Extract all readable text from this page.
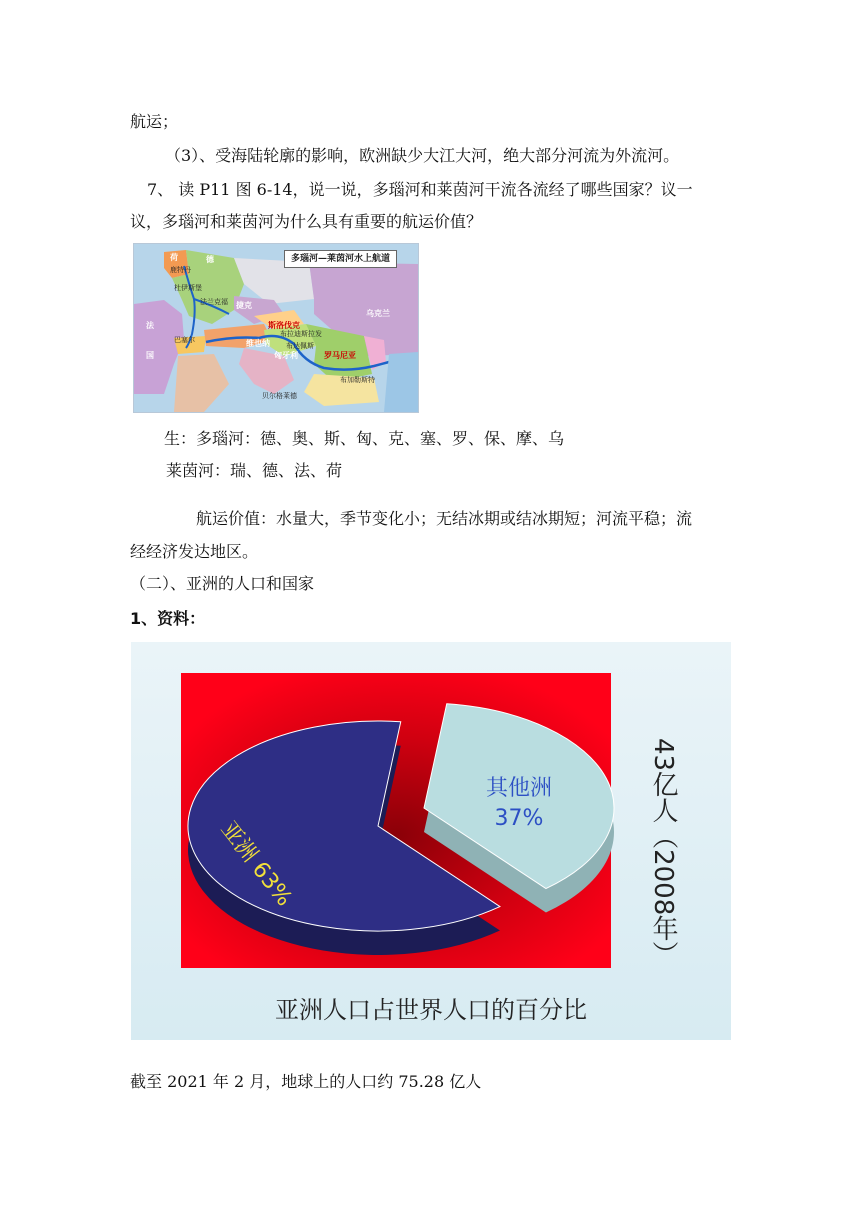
航运；
（3）、受海陆轮廓的影响，欧洲缺少大江大河，绝大部分河流为外流河。
7、 读 P11 图 6-14，说一说，多瑙河和莱茵河干流各流经了哪些国家？议一
议，多瑙河和莱茵河为什么具有重要的航运价值？
多瑙河—莱茵河水上航道
荷	德
法
国
捷克
乌克兰
鹿特丹
杜伊斯堡
法兰克福
布拉迪斯拉发
维也纳 布达佩斯
贝尔格莱德
布加勒斯特
罗马尼亚
匈牙利
斯洛伐克
巴塞尔
生：多瑙河：德、奥、斯、匈、克、塞、罗、保、摩、乌
莱茵河：瑞、德、法、荷
航运价值：水量大，季节变化小；无结冰期或结冰期短；河流平稳；流
经经济发达地区。
（二）、亚洲的人口和国家
1、资料：
亚洲 63%
其他洲
37%	43亿人（2008年）
亚洲人口占世界人口的百分比
截至 2021 年 2 月，地球上的人口约 75.28 亿人
